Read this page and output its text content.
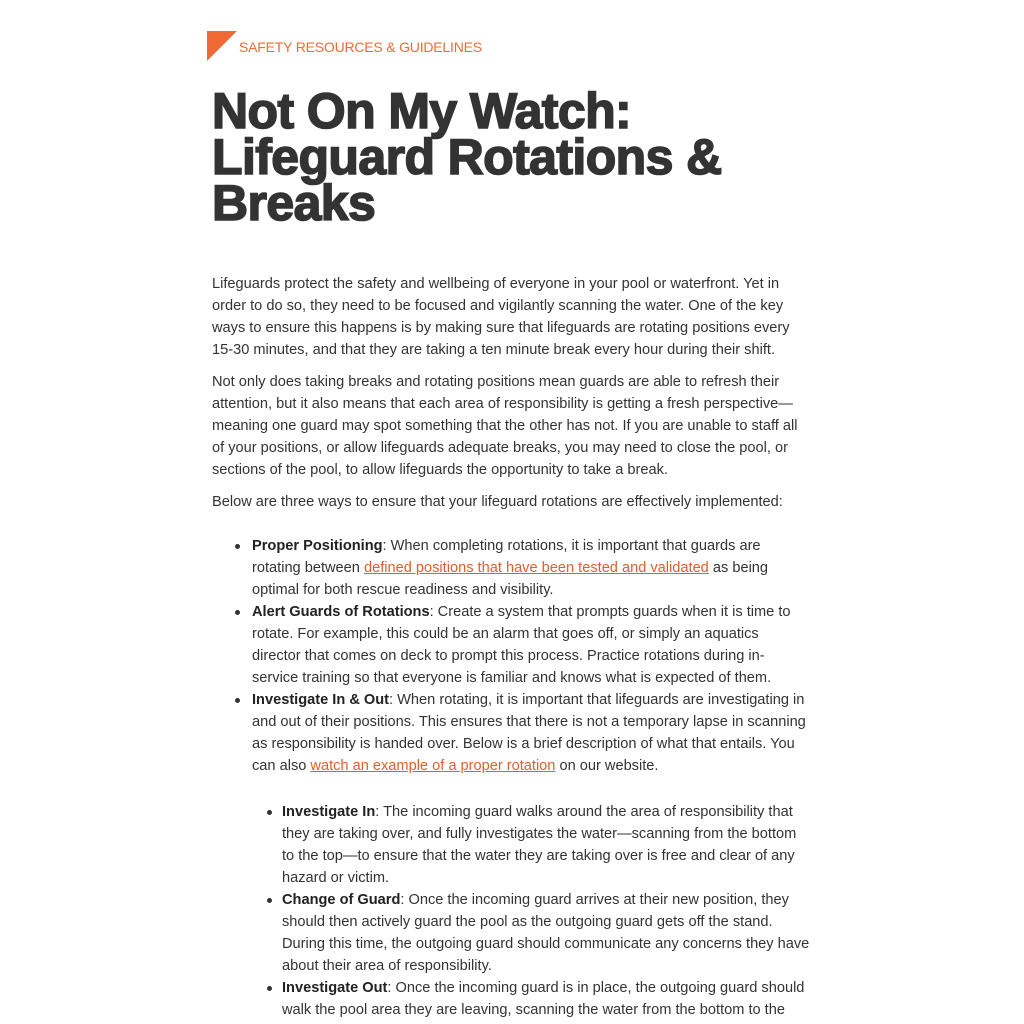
SAFETY RESOURCES & GUIDELINES
Not On My Watch: Lifeguard Rotations & Breaks

Lifeguards protect the safety and wellbeing of everyone in your pool or waterfront. Yet in order to do so, they need to be focused and vigilantly scanning the water. One of the key ways to ensure this happens is by making sure that lifeguards are rotating positions every 15-30 minutes, and that they are taking a ten minute break every hour during their shift.

Not only does taking breaks and rotating positions mean guards are able to refresh their attention, but it also means that each area of responsibility is getting a fresh perspective—meaning one guard may spot something that the other has not. If you are unable to staff all of your positions, or allow lifeguards adequate breaks, you may need to close the pool, or sections of the pool, to allow lifeguards the opportunity to take a break.

Below are three ways to ensure that your lifeguard rotations are effectively implemented:

Proper Positioning: When completing rotations, it is important that guards are rotating between defined positions that have been tested and validated as being optimal for both rescue readiness and visibility.
Alert Guards of Rotations: Create a system that prompts guards when it is time to rotate. For example, this could be an alarm that goes off, or simply an aquatics director that comes on deck to prompt this process. Practice rotations during in-service training so that everyone is familiar and knows what is expected of them.
Investigate In & Out: When rotating, it is important that lifeguards are investigating in and out of their positions. This ensures that there is not a temporary lapse in scanning as responsibility is handed over. Below is a brief description of what that entails. You can also watch an example of a proper rotation on our website.
Investigate In: The incoming guard walks around the area of responsibility that they are taking over, and fully investigates the water—scanning from the bottom to the top—to ensure that the water they are taking over is free and clear of any hazard or victim.
Change of Guard: Once the incoming guard arrives at their new position, they should then actively guard the pool as the outgoing guard gets off the stand. During this time, the outgoing guard should communicate any concerns they have about their area of responsibility.
Investigate Out: Once the incoming guard is in place, the outgoing guard should walk the pool area they are leaving, scanning the water from the bottom to the
